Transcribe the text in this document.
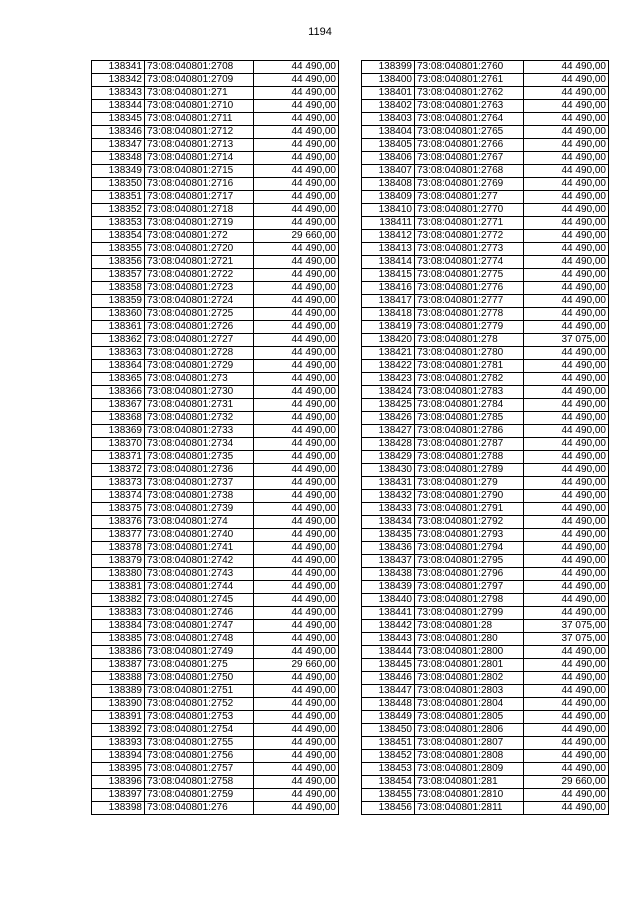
1194
138341	73:08:040801:2708	44 490,00
138342	73:08:040801:2709	44 490,00
138343	73:08:040801:271	44 490,00
138344	73:08:040801:2710	44 490,00
138345	73:08:040801:2711	44 490,00
138346	73:08:040801:2712	44 490,00
138347	73:08:040801:2713	44 490,00
138348	73:08:040801:2714	44 490,00
138349	73:08:040801:2715	44 490,00
138350	73:08:040801:2716	44 490,00
138351	73:08:040801:2717	44 490,00
138352	73:08:040801:2718	44 490,00
138353	73:08:040801:2719	44 490,00
138354	73:08:040801:272	29 660,00
138355	73:08:040801:2720	44 490,00
138356	73:08:040801:2721	44 490,00
138357	73:08:040801:2722	44 490,00
138358	73:08:040801:2723	44 490,00
138359	73:08:040801:2724	44 490,00
138360	73:08:040801:2725	44 490,00
138361	73:08:040801:2726	44 490,00
138362	73:08:040801:2727	44 490,00
138363	73:08:040801:2728	44 490,00
138364	73:08:040801:2729	44 490,00
138365	73:08:040801:273	44 490,00
138366	73:08:040801:2730	44 490,00
138367	73:08:040801:2731	44 490,00
138368	73:08:040801:2732	44 490,00
138369	73:08:040801:2733	44 490,00
138370	73:08:040801:2734	44 490,00
138371	73:08:040801:2735	44 490,00
138372	73:08:040801:2736	44 490,00
138373	73:08:040801:2737	44 490,00
138374	73:08:040801:2738	44 490,00
138375	73:08:040801:2739	44 490,00
138376	73:08:040801:274	44 490,00
138377	73:08:040801:2740	44 490,00
138378	73:08:040801:2741	44 490,00
138379	73:08:040801:2742	44 490,00
138380	73:08:040801:2743	44 490,00
138381	73:08:040801:2744	44 490,00
138382	73:08:040801:2745	44 490,00
138383	73:08:040801:2746	44 490,00
138384	73:08:040801:2747	44 490,00
138385	73:08:040801:2748	44 490,00
138386	73:08:040801:2749	44 490,00
138387	73:08:040801:275	29 660,00
138388	73:08:040801:2750	44 490,00
138389	73:08:040801:2751	44 490,00
138390	73:08:040801:2752	44 490,00
138391	73:08:040801:2753	44 490,00
138392	73:08:040801:2754	44 490,00
138393	73:08:040801:2755	44 490,00
138394	73:08:040801:2756	44 490,00
138395	73:08:040801:2757	44 490,00
138396	73:08:040801:2758	44 490,00
138397	73:08:040801:2759	44 490,00
138398	73:08:040801:276	44 490,00
138399	73:08:040801:2760	44 490,00
138400	73:08:040801:2761	44 490,00
138401	73:08:040801:2762	44 490,00
138402	73:08:040801:2763	44 490,00
138403	73:08:040801:2764	44 490,00
138404	73:08:040801:2765	44 490,00
138405	73:08:040801:2766	44 490,00
138406	73:08:040801:2767	44 490,00
138407	73:08:040801:2768	44 490,00
138408	73:08:040801:2769	44 490,00
138409	73:08:040801:277	44 490,00
138410	73:08:040801:2770	44 490,00
138411	73:08:040801:2771	44 490,00
138412	73:08:040801:2772	44 490,00
138413	73:08:040801:2773	44 490,00
138414	73:08:040801:2774	44 490,00
138415	73:08:040801:2775	44 490,00
138416	73:08:040801:2776	44 490,00
138417	73:08:040801:2777	44 490,00
138418	73:08:040801:2778	44 490,00
138419	73:08:040801:2779	44 490,00
138420	73:08:040801:278	37 075,00
138421	73:08:040801:2780	44 490,00
138422	73:08:040801:2781	44 490,00
138423	73:08:040801:2782	44 490,00
138424	73:08:040801:2783	44 490,00
138425	73:08:040801:2784	44 490,00
138426	73:08:040801:2785	44 490,00
138427	73:08:040801:2786	44 490,00
138428	73:08:040801:2787	44 490,00
138429	73:08:040801:2788	44 490,00
138430	73:08:040801:2789	44 490,00
138431	73:08:040801:279	44 490,00
138432	73:08:040801:2790	44 490,00
138433	73:08:040801:2791	44 490,00
138434	73:08:040801:2792	44 490,00
138435	73:08:040801:2793	44 490,00
138436	73:08:040801:2794	44 490,00
138437	73:08:040801:2795	44 490,00
138438	73:08:040801:2796	44 490,00
138439	73:08:040801:2797	44 490,00
138440	73:08:040801:2798	44 490,00
138441	73:08:040801:2799	44 490,00
138442	73:08:040801:28	37 075,00
138443	73:08:040801:280	37 075,00
138444	73:08:040801:2800	44 490,00
138445	73:08:040801:2801	44 490,00
138446	73:08:040801:2802	44 490,00
138447	73:08:040801:2803	44 490,00
138448	73:08:040801:2804	44 490,00
138449	73:08:040801:2805	44 490,00
138450	73:08:040801:2806	44 490,00
138451	73:08:040801:2807	44 490,00
138452	73:08:040801:2808	44 490,00
138453	73:08:040801:2809	44 490,00
138454	73:08:040801:281	29 660,00
138455	73:08:040801:2810	44 490,00
138456	73:08:040801:2811	44 490,00
